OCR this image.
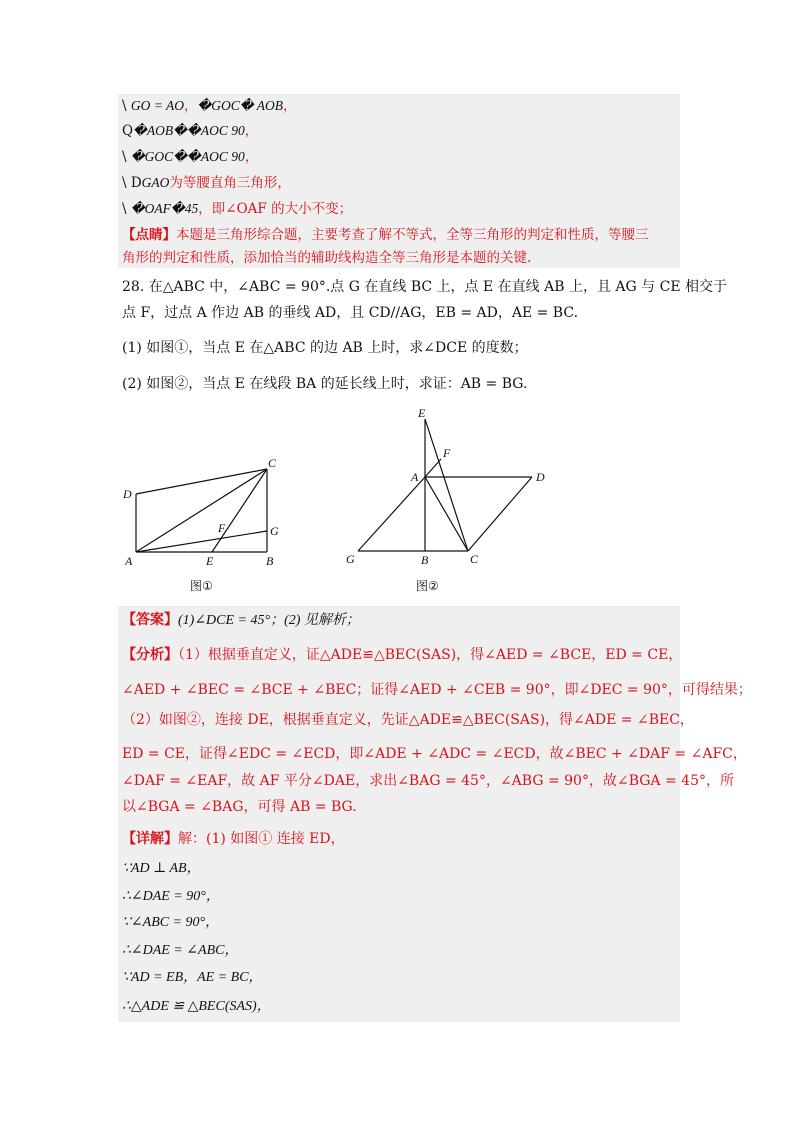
\ GO = AO，�GOC� AOB，
Q�AOB��AOC 90，
\ �GOC��AOC 90，
\ DGAO为等腰直角三角形，
\ �OAF�45，即∠OAF 的大小不变；
【点睛】本题是三角形综合题，主要考查了解不等式，全等三角形的判定和性质，等腰三
角形的判定和性质，添加恰当的辅助线构造全等三角形是本题的关键.
28. 在△ABC 中，∠ABC = 90°.点 G 在直线 BC 上，点 E 在直线 AB 上，且 AG 与 CE 相交于
点 F，过点 A 作边 AB 的垂线 AD，且 CD//AG，EB = AD，AE = BC.
(1) 如图①，当点 E 在△ABC 的边 AB 上时，求∠DCE 的度数；
(2) 如图②，当点 E 在线段 BA 的延长线上时，求证：AB = BG.
C
D
G
F
A	E	B
图①
E
F
A	D
G	B	C
图②
【答案】(1)∠DCE = 45°；(2) 见解析；
【分析】（1）根据垂直定义，证△ADE≌△BEC(SAS)，得∠AED = ∠BCE，ED = CE，
∠AED + ∠BEC = ∠BCE + ∠BEC；证得∠AED + ∠CEB = 90°，即∠DEC = 90°，可得结果；
（2）如图②，连接 DE，根据垂直定义，先证△ADE≌△BEC(SAS)，得∠ADE = ∠BEC，
ED = CE，证得∠EDC = ∠ECD，即∠ADE + ∠ADC = ∠ECD，故∠BEC + ∠DAF = ∠AFC，
∠DAF = ∠EAF，故 AF 平分∠DAE，求出∠BAG = 45°，∠ABG = 90°，故∠BGA = 45°，所
以∠BGA = ∠BAG，可得 AB = BG.
【详解】解：(1) 如图① 连接 ED，
∵AD ⊥ AB，
∴∠DAE = 90°，
∵∠ABC = 90°，
∴∠DAE = ∠ABC，
∵AD = EB，AE = BC，
∴△ADE ≌ △BEC(SAS)，
